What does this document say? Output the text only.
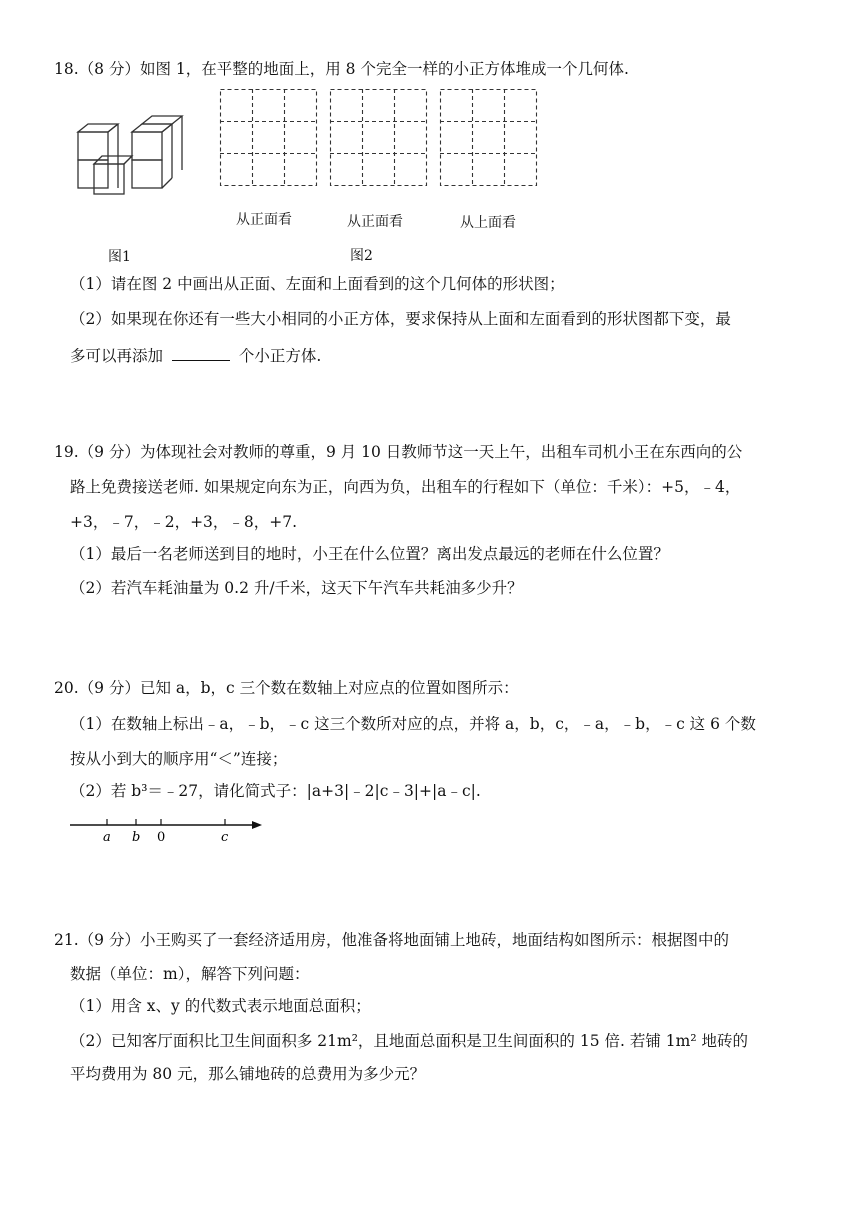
18.（8 分）如图 1，在平整的地面上，用 8 个完全一样的小正方体堆成一个几何体.
从正面看	从正面看	从上面看
图1	图2
（1）请在图 2 中画出从正面、左面和上面看到的这个几何体的形状图；
（2）如果现在你还有一些大小相同的小正方体，要求保持从上面和左面看到的形状图都下变，最
多可以再添加	个小正方体.
19.（9 分）为体现社会对教师的尊重，9 月 10 日教师节这一天上午，出租车司机小王在东西向的公
路上免费接送老师. 如果规定向东为正，向西为负，出租车的行程如下（单位：千米）：+5，﹣4，
+3，﹣7，﹣2，+3，﹣8，+7.
（1）最后一名老师送到目的地时，小王在什么位置？离出发点最远的老师在什么位置？
（2）若汽车耗油量为 0.2 升/千米，这天下午汽车共耗油多少升？
20.（9 分）已知 a，b，c 三个数在数轴上对应点的位置如图所示：
（1）在数轴上标出﹣a，﹣b，﹣c 这三个数所对应的点，并将 a，b，c，﹣a，﹣b，﹣c 这 6 个数
按从小到大的顺序用“＜”连接；
（2）若 b³＝﹣27，请化简式子：|a+3|﹣2|c﹣3|+|a﹣c|.
a b 0	c
21.（9 分）小王购买了一套经济适用房，他准备将地面铺上地砖，地面结构如图所示：根据图中的
数据（单位：m），解答下列问题：
（1）用含 x、y 的代数式表示地面总面积；
（2）已知客厅面积比卫生间面积多 21m²，且地面总面积是卫生间面积的 15 倍. 若铺 1m² 地砖的
平均费用为 80 元，那么铺地砖的总费用为多少元？
